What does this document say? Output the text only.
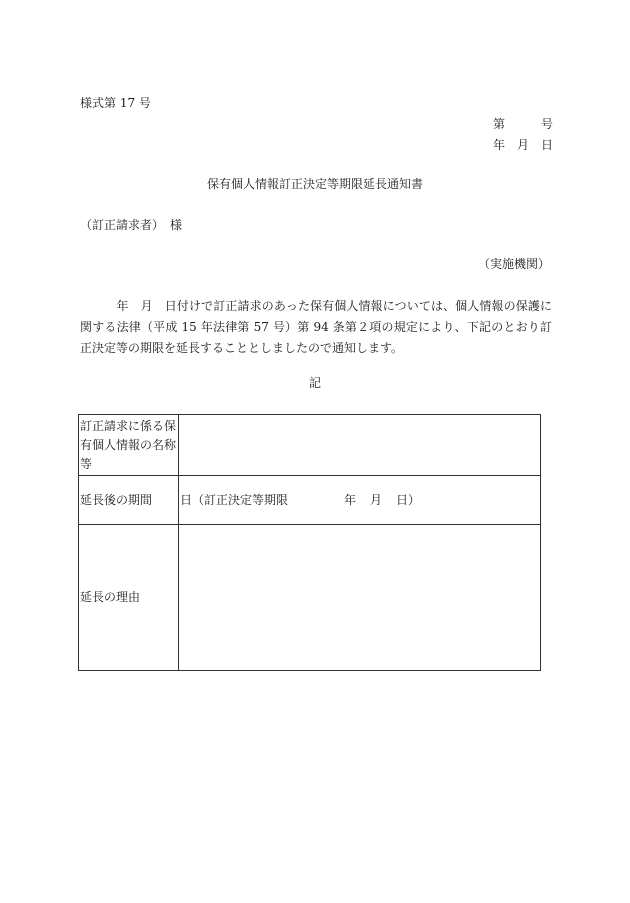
様式第 17 号
第	号
年 月 日
保有個人情報訂正決定等期限延長通知書
（訂正請求者）　様
（実施機関）
　　　年　月　日付けで訂正請求のあった保有個人情報については、個人情報の保護に関する法律（平成 15 年法律第 57 号）第 94 条第２項の規定により、下記のとおり訂正決定等の期限を延長することとしましたので通知します。
記
訂正請求に係る保有個人情報の名称等	
延長後の期間	日（訂正決定等期限 年 月 日）

延長の理由	
